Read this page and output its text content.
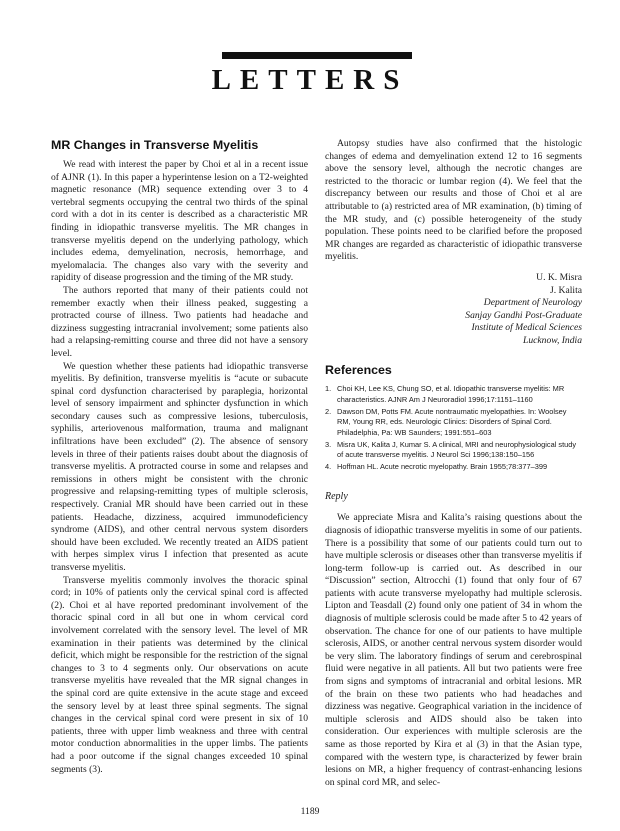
LETTERS
MR Changes in Transverse Myelitis

We read with interest the paper by Choi et al in a recent issue of AJNR (1). In this paper a hyperintense lesion on a T2-weighted magnetic resonance (MR) sequence extending over 3 to 4 vertebral segments occupying the central two thirds of the spinal cord with a dot in its center is described as a characteristic MR finding in idiopathic transverse myelitis. The MR changes in transverse myelitis depend on the underlying pathology, which includes edema, demyelination, necrosis, hemorrhage, and myelomalacia. The changes also vary with the severity and rapidity of disease progression and the timing of the MR study.

The authors reported that many of their patients could not remember exactly when their illness peaked, suggesting a protracted course of illness. Two patients had headache and dizziness suggesting intracranial involvement; some patients also had a relapsing-remitting course and three did not have a sensory level.

We question whether these patients had idiopathic transverse myelitis. By definition, transverse myelitis is “acute or subacute spinal cord dysfunction characterised by paraplegia, horizontal level of sensory impairment and sphincter dysfunction in which secondary causes such as compressive lesions, tuberculosis, syphilis, arteriovenous malformation, trauma and malignant infiltrations have been excluded” (2). The absence of sensory levels in three of their patients raises doubt about the diagnosis of transverse myelitis. A protracted course in some and relapses and remissions in others might be consistent with the chronic progressive and relapsing-remitting types of multiple sclerosis, respectively. Cranial MR should have been carried out in these patients. Headache, dizziness, acquired immunodeficiency syndrome (AIDS), and other central nervous system disorders should have been excluded. We recently treated an AIDS patient with herpes simplex virus I infection that presented as acute transverse myelitis.

Transverse myelitis commonly involves the thoracic spinal cord; in 10% of patients only the cervical spinal cord is affected (2). Choi et al have reported predominant involvement of the thoracic spinal cord in all but one in whom cervical cord involvement correlated with the sensory level. The level of MR examination in their patients was determined by the clinical deficit, which might be responsible for the restriction of the signal changes to 3 to 4 segments only. Our observations on acute transverse myelitis have revealed that the MR signal changes in the spinal cord are quite extensive in the acute stage and exceed the sensory level by at least three spinal segments. The signal changes in the cervical spinal cord were present in six of 10 patients, three with upper limb weakness and three with central motor conduction abnormalities in the upper limbs. The patients had a poor outcome if the signal changes exceeded 10 spinal segments (3).

Autopsy studies have also confirmed that the histologic changes of edema and demyelination extend 12 to 16 segments above the sensory level, although the necrotic changes are restricted to the thoracic or lumbar region (4). We feel that the discrepancy between our results and those of Choi et al are attributable to (a) restricted area of MR examination, (b) timing of the MR study, and (c) possible heterogeneity of the study population. These points need to be clarified before the proposed MR changes are regarded as characteristic of idiopathic transverse myelitis.

U. K. Misra
J. Kalita
Department of Neurology
Sanjay Gandhi Post-Graduate
Institute of Medical Sciences
Lucknow, India
References
1. Choi KH, Lee KS, Chung SO, et al. Idiopathic transverse myelitis: MR characteristics. AJNR Am J Neuroradiol 1996;17:1151–1160
2. Dawson DM, Potts FM. Acute nontraumatic myelopathies. In: Woolsey RM, Young RR, eds. Neurologic Clinics: Disorders of Spinal Cord. Philadelphia, Pa: WB Saunders; 1991:551–603
3. Misra UK, Kalita J, Kumar S. A clinical, MRI and neurophysiological study of acute transverse myelitis. J Neurol Sci 1996;138:150–156
4. Hoffman HL. Acute necrotic myelopathy. Brain 1955;78:377–399
Reply

We appreciate Misra and Kalita’s raising questions about the diagnosis of idiopathic transverse myelitis in some of our patients. There is a possibility that some of our patients could turn out to have multiple sclerosis or diseases other than transverse myelitis if long-term follow-up is carried out. As described in our “Discussion” section, Altrocchi (1) found that only four of 67 patients with acute transverse myelopathy had multiple sclerosis. Lipton and Teasdall (2) found only one patient of 34 in whom the diagnosis of multiple sclerosis could be made after 5 to 42 years of observation. The chance for one of our patients to have multiple sclerosis, AIDS, or another central nervous system disorder would be very slim. The laboratory findings of serum and cerebrospinal fluid were negative in all patients. All but two patients were free from signs and symptoms of intracranial and orbital lesions. MR of the brain on these two patients who had headaches and dizziness was negative. Geographical variation in the incidence of multiple sclerosis and AIDS should also be taken into consideration. Our experiences with multiple sclerosis are the same as those reported by Kira et al (3) in that the Asian type, compared with the western type, is characterized by fewer brain lesions on MR, a higher frequency of contrast-enhancing lesions on spinal cord MR, and selec-

1189
